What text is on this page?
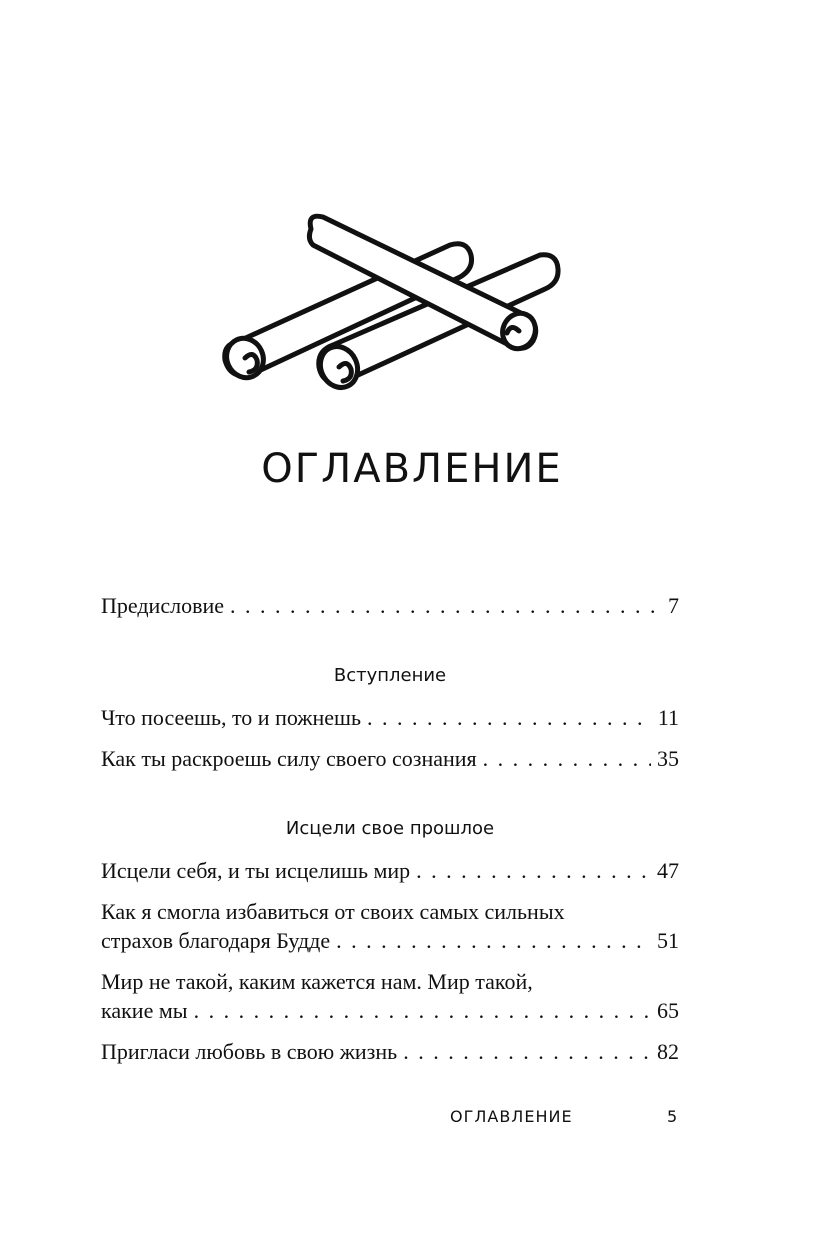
ОГЛАВЛЕНИЕ
Предисловие . . .	7
Вступление
Что посеешь, то и пожнешь . . .	11
Как ты раскроешь силу своего сознания . . .	35
Исцели свое прошлое
Исцели себя, и ты исцелишь мир . . .	47
Как я смогла избавиться от своих самых сильных
страхов благодаря Будде . . .	51
Мир не такой, каким кажется нам. Мир такой,
какие мы . . .	65
Пригласи любовь в свою жизнь . . .	82
ОГЛАВЛЕНИЕ	5
